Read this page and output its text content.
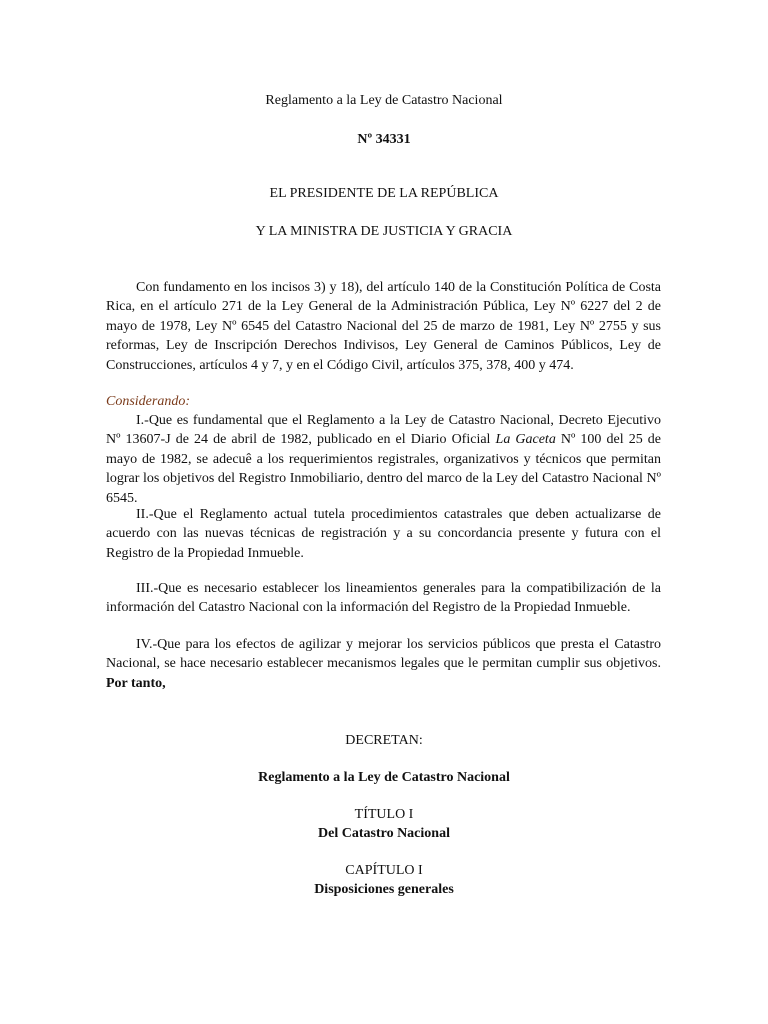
Reglamento a la Ley de Catastro Nacional
Nº 34331
EL PRESIDENTE DE LA REPÚBLICA
Y LA MINISTRA DE JUSTICIA Y GRACIA
Con fundamento en los incisos 3) y 18), del artículo 140 de la Constitución Política de Costa Rica, en el artículo 271 de la Ley General de la Administración Pública, Ley Nº 6227 del 2 de mayo de 1978, Ley Nº 6545 del Catastro Nacional del 25 de marzo de 1981, Ley Nº 2755 y sus reformas, Ley de Inscripción Derechos Indivisos, Ley General de Caminos Públicos, Ley de Construcciones, artículos 4 y 7, y en el Código Civil, artículos 375, 378, 400 y 474.
Considerando:
I.-Que es fundamental que el Reglamento a la Ley de Catastro Nacional, Decreto Ejecutivo Nº 13607-J de 24 de abril de 1982, publicado en el Diario Oficial La Gaceta Nº 100 del 25 de mayo de 1982, se adecuê a los requerimientos registrales, organizativos y técnicos que permitan lograr los objetivos del Registro Inmobiliario, dentro del marco de la Ley del Catastro Nacional Nº 6545.
II.-Que el Reglamento actual tutela procedimientos catastrales que deben actualizarse de acuerdo con las nuevas técnicas de registración y a su concordancia presente y futura con el Registro de la Propiedad Inmueble.
III.-Que es necesario establecer los lineamientos generales para la compatibilización de la información del Catastro Nacional con la información del Registro de la Propiedad Inmueble.
IV.-Que para los efectos de agilizar y mejorar los servicios públicos que presta el Catastro Nacional, se hace necesario establecer mecanismos legales que le permitan cumplir sus objetivos. Por tanto,
DECRETAN:
Reglamento a la Ley de Catastro Nacional
TÍTULO I
Del Catastro Nacional
CAPÍTULO I
Disposiciones generales
